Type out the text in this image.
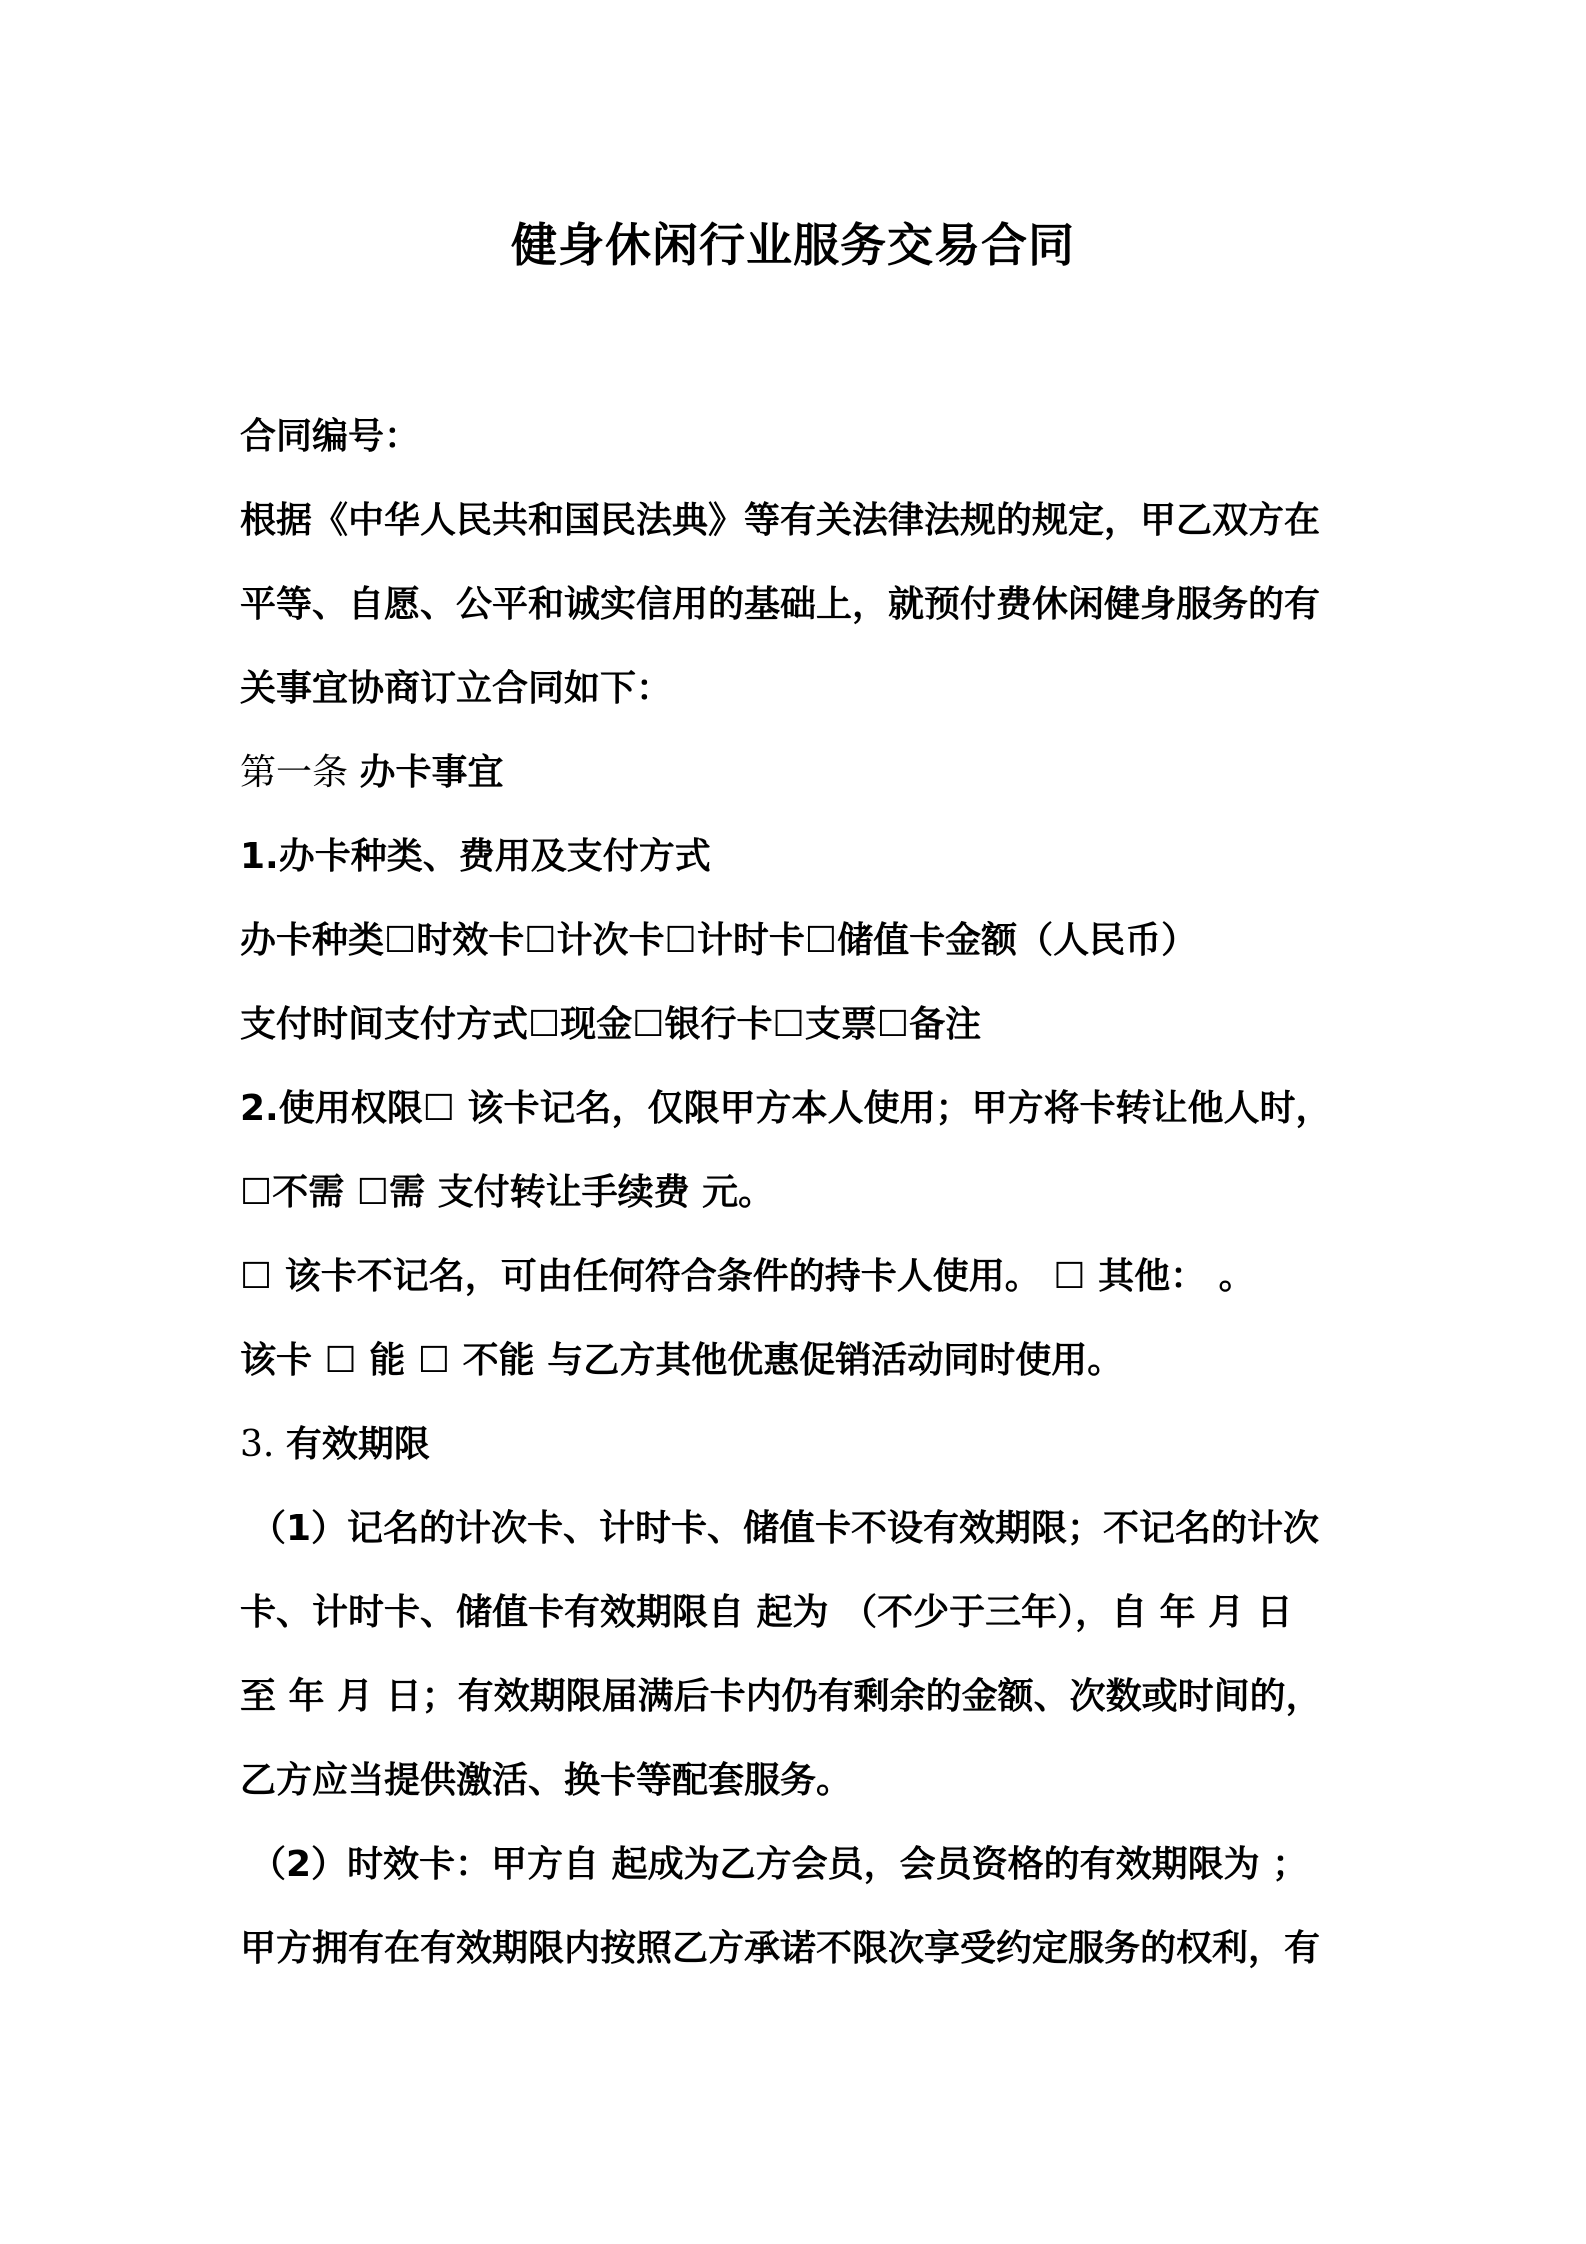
健身休闲行业服务交易合同
合同编号：
根据《中华人民共和国民法典》等有关法律法规的规定，甲乙双方在
平等、自愿、公平和诚实信用的基础上，就预付费休闲健身服务的有
关事宜协商订立合同如下：
第一条 办卡事宜
1.办卡种类、费用及支付方式
办卡种类☐时效卡☐计次卡☐计时卡☐储值卡金额（人民币）
支付时间支付方式☐现金☐银行卡☐支票☐备注
2.使用权限☐ 该卡记名，仅限甲方本人使用；甲方将卡转让他人时，
☐不需 ☐需 支付转让手续费 元。
☐ 该卡不记名，可由任何符合条件的持卡人使用。 ☐ 其他： 。
该卡 ☐ 能 ☐ 不能 与乙方其他优惠促销活动同时使用。
3. 有效期限
（1）记名的计次卡、计时卡、储值卡不设有效期限；不记名的计次
卡、计时卡、储值卡有效期限自 起为 （不少于三年），自 年 月 日
至 年 月 日；有效期限届满后卡内仍有剩余的金额、次数或时间的，
乙方应当提供激活、换卡等配套服务。
（2）时效卡：甲方自 起成为乙方会员，会员资格的有效期限为 ；
甲方拥有在有效期限内按照乙方承诺不限次享受约定服务的权利，有
